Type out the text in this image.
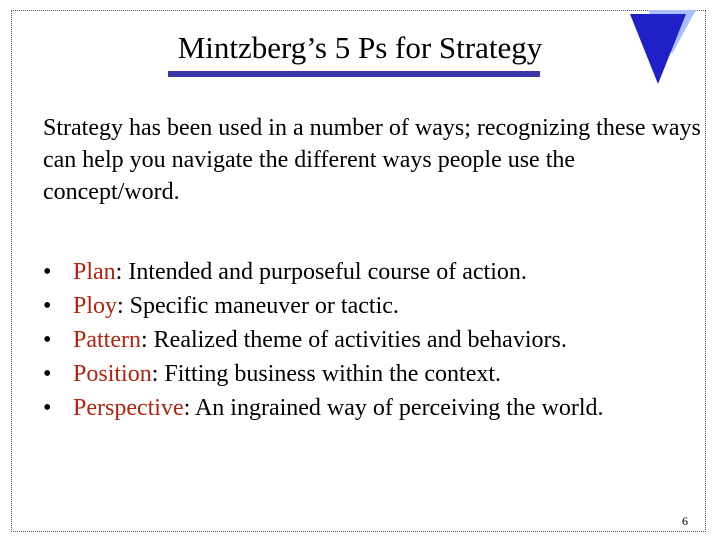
Mintzberg’s 5 Ps for Strategy

Strategy has been used in a number of ways; recognizing these ways can help you navigate the different ways people use the concept/word.

• Plan: Intended and purposeful course of action.
• Ploy: Specific maneuver or tactic.
• Pattern: Realized theme of activities and behaviors.
• Position: Fitting business within the context.
• Perspective: An ingrained way of perceiving the world.
6
